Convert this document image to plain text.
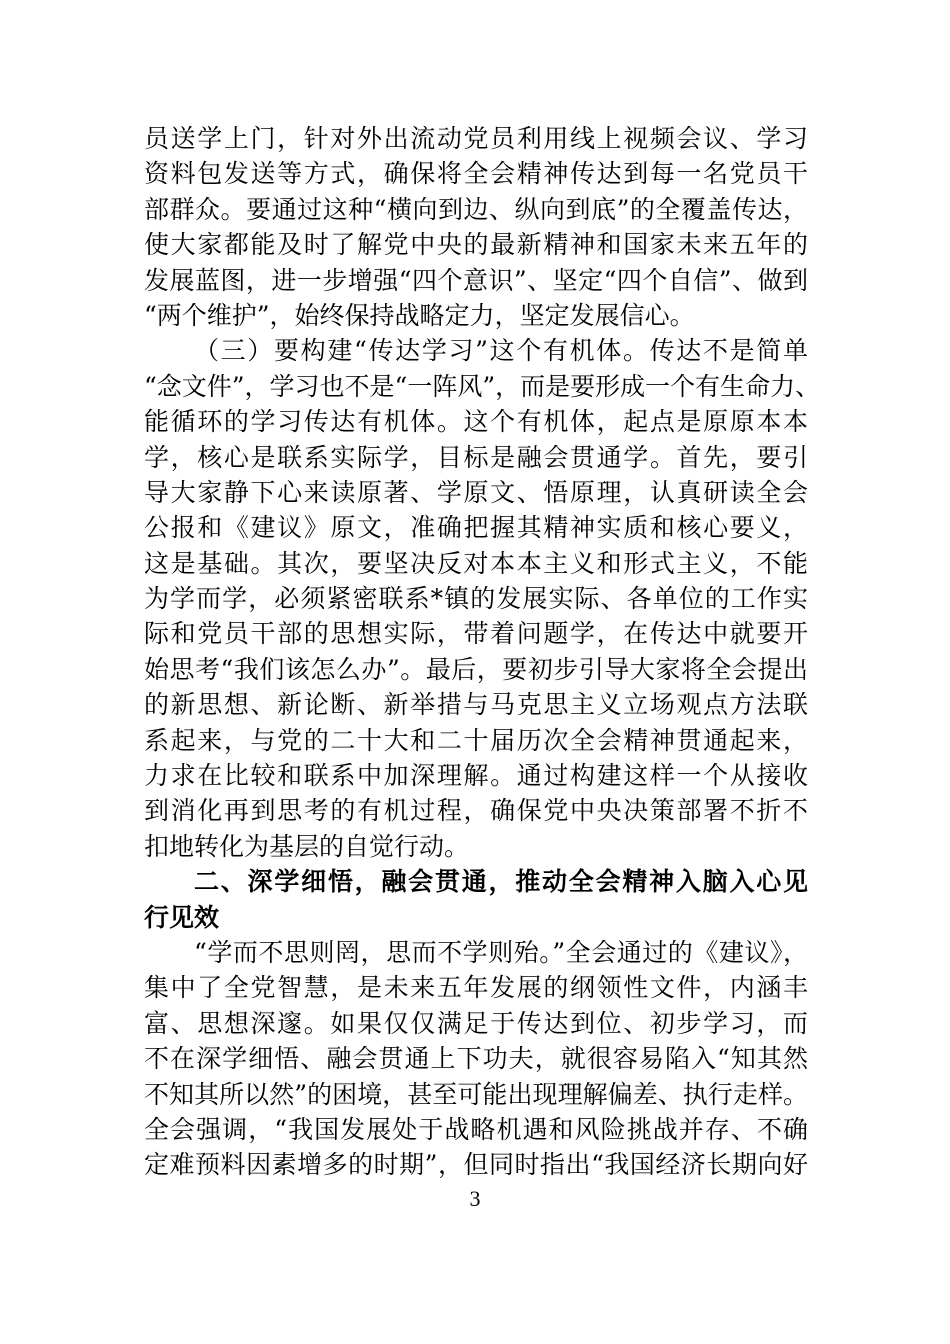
员送学上门，针对外出流动党员利用线上视频会议、学习
资料包发送等方式，确保将全会精神传达到每一名党员干
部群众。要通过这种“横向到边、纵向到底”的全覆盖传达，
使大家都能及时了解党中央的最新精神和国家未来五年的
发展蓝图，进一步增强“四个意识”、坚定“四个自信”、做到
“两个维护”，始终保持战略定力，坚定发展信心。
（三）要构建“传达学习”这个有机体。传达不是简单
“念文件”，学习也不是“一阵风”，而是要形成一个有生命力、
能循环的学习传达有机体。这个有机体，起点是原原本本
学，核心是联系实际学，目标是融会贯通学。首先，要引
导大家静下心来读原著、学原文、悟原理，认真研读全会
公报和《建议》原文，准确把握其精神实质和核心要义，
这是基础。其次，要坚决反对本本主义和形式主义，不能
为学而学，必须紧密联系*镇的发展实际、各单位的工作实
际和党员干部的思想实际，带着问题学，在传达中就要开
始思考“我们该怎么办”。最后，要初步引导大家将全会提出
的新思想、新论断、新举措与马克思主义立场观点方法联
系起来，与党的二十大和二十届历次全会精神贯通起来，
力求在比较和联系中加深理解。通过构建这样一个从接收
到消化再到思考的有机过程，确保党中央决策部署不折不
扣地转化为基层的自觉行动。
二、深学细悟，融会贯通，推动全会精神入脑入心见
行见效
“学而不思则罔，思而不学则殆。”全会通过的《建议》，
集中了全党智慧，是未来五年发展的纲领性文件，内涵丰
富、思想深邃。如果仅仅满足于传达到位、初步学习，而
不在深学细悟、融会贯通上下功夫，就很容易陷入“知其然
不知其所以然”的困境，甚至可能出现理解偏差、执行走样。
全会强调，“我国发展处于战略机遇和风险挑战并存、不确
定难预料因素增多的时期”，但同时指出“我国经济长期向好
3
